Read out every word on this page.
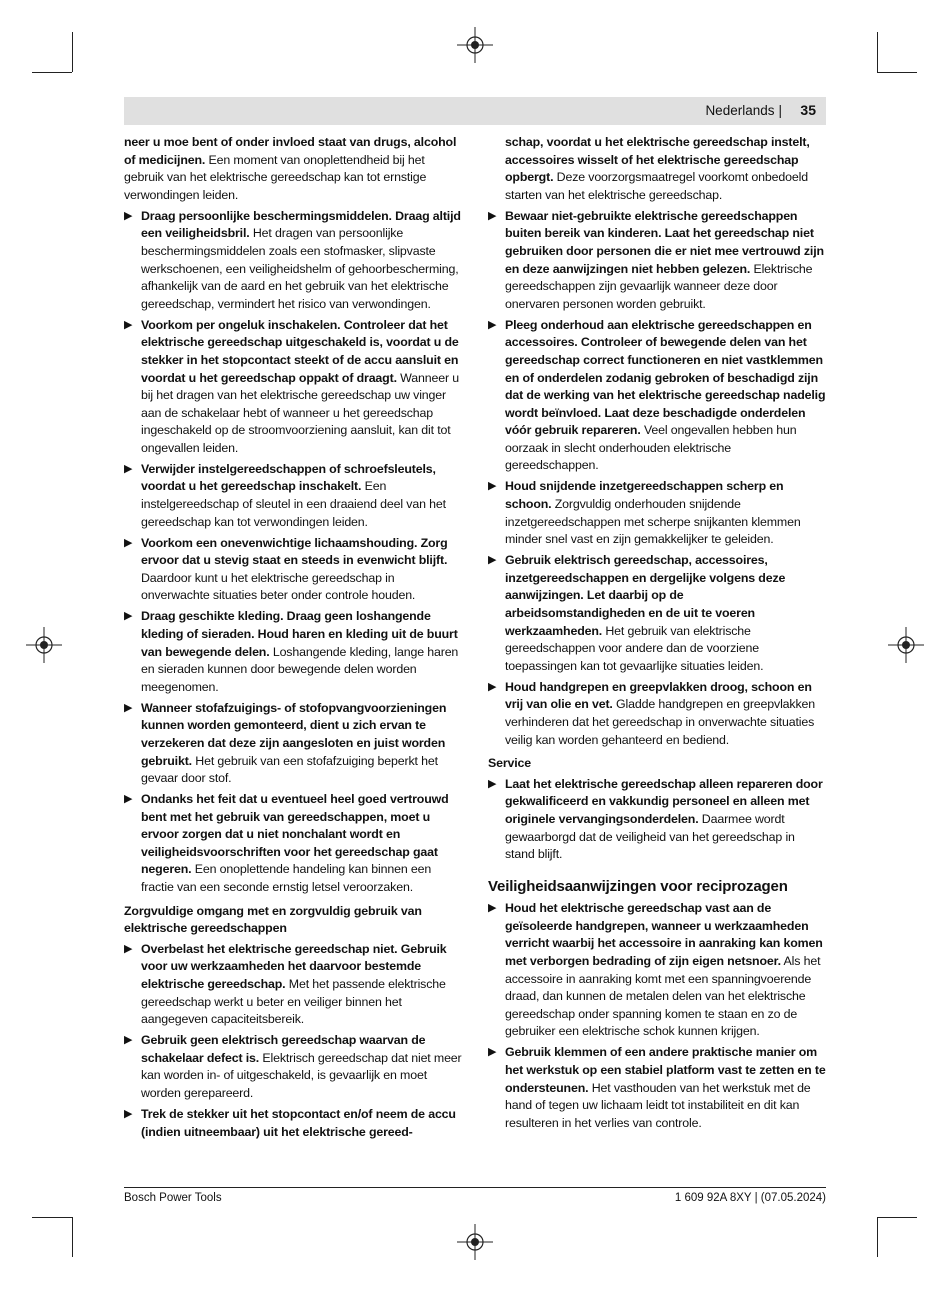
Nederlands | 35
neer u moe bent of onder invloed staat van drugs, alcohol of medicijnen. Een moment van onoplettendheid bij het gebruik van het elektrische gereedschap kan tot ernstige verwondingen leiden.
▶ Draag persoonlijke beschermingsmiddelen. Draag altijd een veiligheidsbril. Het dragen van persoonlijke beschermingsmiddelen zoals een stofmasker, slipvaste werkschoenen, een veiligheidshelm of gehoorbescherming, afhankelijk van de aard en het gebruik van het elektrische gereedschap, vermindert het risico van verwondingen.
▶ Voorkom per ongeluk inschakelen. Controleer dat het elektrische gereedschap uitgeschakeld is, voordat u de stekker in het stopcontact steekt of de accu aansluit en voordat u het gereedschap oppakt of draagt. Wanneer u bij het dragen van het elektrische gereedschap uw vinger aan de schakelaar hebt of wanneer u het gereedschap ingeschakeld op de stroomvoorziening aansluit, kan dit tot ongevallen leiden.
▶ Verwijder instelgereedschappen of schroefsleutels, voordat u het gereedschap inschakelt. Een instelgereedschap of sleutel in een draaiend deel van het gereedschap kan tot verwondingen leiden.
▶ Voorkom een onevenwichtige lichaamshouding. Zorg ervoor dat u stevig staat en steeds in evenwicht blijft. Daardoor kunt u het elektrische gereedschap in onverwachte situaties beter onder controle houden.
▶ Draag geschikte kleding. Draag geen loshangende kleding of sieraden. Houd haren en kleding uit de buurt van bewegende delen. Loshangende kleding, lange haren en sieraden kunnen door bewegende delen worden meegenomen.
▶ Wanneer stofafzuigings- of stofopvangvoorzieningen kunnen worden gemonteerd, dient u zich ervan te verzekeren dat deze zijn aangesloten en juist worden gebruikt. Het gebruik van een stofafzuiging beperkt het gevaar door stof.
▶ Ondanks het feit dat u eventueel heel goed vertrouwd bent met het gebruik van gereedschappen, moet u ervoor zorgen dat u niet nonchalant wordt en veiligheidsvoorschriften voor het gereedschap gaat negeren. Een onoplettende handeling kan binnen een fractie van een seconde ernstig letsel veroorzaken.
Zorgvuldige omgang met en zorgvuldig gebruik van elektrische gereedschappen
▶ Overbelast het elektrische gereedschap niet. Gebruik voor uw werkzaamheden het daarvoor bestemde elektrische gereedschap. Met het passende elektrische gereedschap werkt u beter en veiliger binnen het aangegeven capaciteitsbereik.
▶ Gebruik geen elektrisch gereedschap waarvan de schakelaar defect is. Elektrisch gereedschap dat niet meer kan worden in- of uitgeschakeld, is gevaarlijk en moet worden gerepareerd.
▶ Trek de stekker uit het stopcontact en/of neem de accu (indien uitneembaar) uit het elektrische gereed-
schap, voordat u het elektrische gereedschap instelt, accessoires wisselt of het elektrische gereedschap opbergt. Deze voorzorgsmaatregel voorkomt onbedoeld starten van het elektrische gereedschap.
▶ Bewaar niet-gebruikte elektrische gereedschappen buiten bereik van kinderen. Laat het gereedschap niet gebruiken door personen die er niet mee vertrouwd zijn en deze aanwijzingen niet hebben gelezen. Elektrische gereedschappen zijn gevaarlijk wanneer deze door onervaren personen worden gebruikt.
▶ Pleeg onderhoud aan elektrische gereedschappen en accessoires. Controleer of bewegende delen van het gereedschap correct functioneren en niet vastklemmen en of onderdelen zodanig gebroken of beschadigd zijn dat de werking van het elektrische gereedschap nadelig wordt beïnvloed. Laat deze beschadigde onderdelen vóór gebruik repareren. Veel ongevallen hebben hun oorzaak in slecht onderhouden elektrische gereedschappen.
▶ Houd snijdende inzetgereedschappen scherp en schoon. Zorgvuldig onderhouden snijdende inzetgereedschappen met scherpe snijkanten klemmen minder snel vast en zijn gemakkelijker te geleiden.
▶ Gebruik elektrisch gereedschap, accessoires, inzetgereedschappen en dergelijke volgens deze aanwijzingen. Let daarbij op de arbeidsomstandigheden en de uit te voeren werkzaamheden. Het gebruik van elektrische gereedschappen voor andere dan de voorziene toepassingen kan tot gevaarlijke situaties leiden.
▶ Houd handgrepen en greepvlakken droog, schoon en vrij van olie en vet. Gladde handgrepen en greepvlakken verhinderen dat het gereedschap in onverwachte situaties veilig kan worden gehanteerd en bediend.
Service
▶ Laat het elektrische gereedschap alleen repareren door gekwalificeerd en vakkundig personeel en alleen met originele vervangingsonderdelen. Daarmee wordt gewaarborgd dat de veiligheid van het gereedschap in stand blijft.
Veiligheidsaanwijzingen voor reciprozagen
▶ Houd het elektrische gereedschap vast aan de geïsoleerde handgrepen, wanneer u werkzaamheden verricht waarbij het accessoire in aanraking kan komen met verborgen bedrading of zijn eigen netsnoer. Als het accessoire in aanraking komt met een spanningvoerende draad, dan kunnen de metalen delen van het elektrische gereedschap onder spanning komen te staan en zo de gebruiker een elektrische schok kunnen krijgen.
▶ Gebruik klemmen of een andere praktische manier om het werkstuk op een stabiel platform vast te zetten en te ondersteunen. Het vasthouden van het werkstuk met de hand of tegen uw lichaam leidt tot instabiliteit en dit kan resulteren in het verlies van controle.
Bosch Power Tools	1 609 92A 8XY | (07.05.2024)
